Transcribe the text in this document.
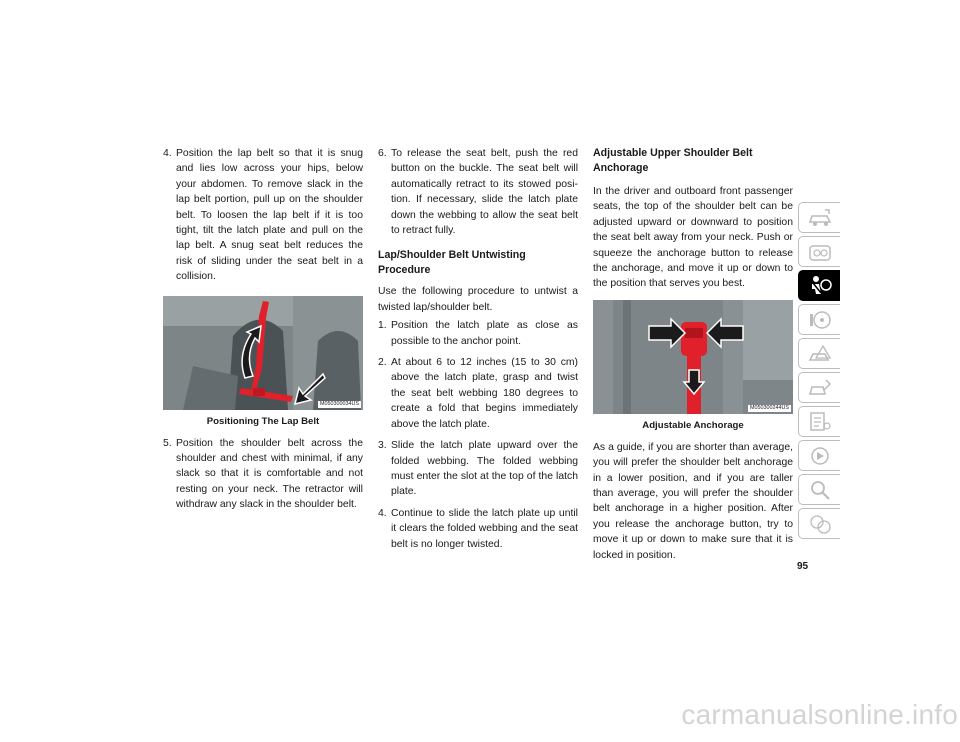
4. Position the lap belt so that it is snug and lies low across your hips, below your abdomen. To remove slack in the lap belt portion, pull up on the shoulder belt. To loosen the lap belt if it is too tight, tilt the latch plate and pull on the lap belt. A snug seat belt reduces the risk of sliding under the seat belt in a collision.
M050300034US
Positioning The Lap Belt
5. Position the shoulder belt across the shoulder and chest with minimal, if any slack so that it is comfortable and not resting on your neck. The retractor will withdraw any slack in the shoulder belt.
6. To release the seat belt, push the red button on the buckle. The seat belt will automatically retract to its stowed posi-tion. If necessary, slide the latch plate down the webbing to allow the seat belt to retract fully.
Lap/Shoulder Belt Untwisting Procedure

Use the following procedure to untwist a twisted lap/shoulder belt.

1. Position the latch plate as close as possible to the anchor point.
2. At about 6 to 12 inches (15 to 30 cm) above the latch plate, grasp and twist the seat belt webbing 180 degrees to create a fold that begins immediately above the latch plate.
3. Slide the latch plate upward over the folded webbing. The folded webbing must enter the slot at the top of the latch plate.
4. Continue to slide the latch plate up until it clears the folded webbing and the seat belt is no longer twisted.
Adjustable Upper Shoulder Belt Anchorage

In the driver and outboard front passenger seats, the top of the shoulder belt can be adjusted upward or downward to position the seat belt away from your neck. Push or squeeze the anchorage button to release the anchorage, and move it up or down to the position that serves you best.

M050300244US
Adjustable Anchorage

As a guide, if you are shorter than average, you will prefer the shoulder belt anchorage in a lower position, and if you are taller than average, you will prefer the shoulder belt anchorage in a higher position. After you release the anchorage button, try to move it up or down to make sure that it is locked in position.

95
carmanualsonline.info
